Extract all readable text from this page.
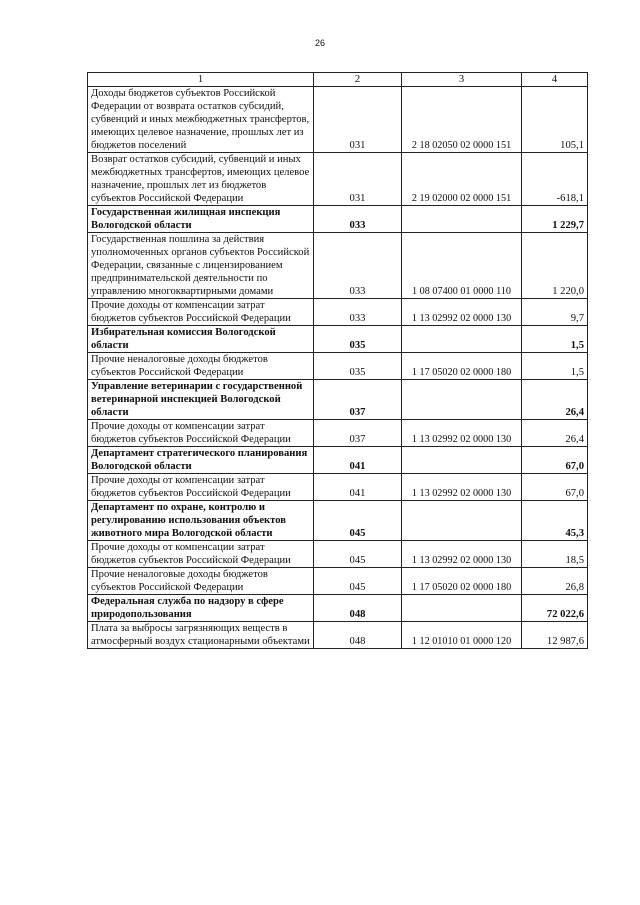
26
1	2	3	4
Доходы бюджетов субъектов Российской Федерации от возврата остатков субсидий, субвенций и иных межбюджетных трансфертов, имеющих целевое назначение, прошлых лет из бюджетов поселений	031	2 18 02050 02 0000 151	105,1
Возврат остатков субсидий, субвенций и иных межбюджетных трансфертов, имеющих целевое назначение, прошлых лет из бюджетов субъектов Российской Федерации	031	2 19 02000 02 0000 151	-618,1
Государственная жилищная инспекция Вологодской области	033		1 229,7
Государственная пошлина за действия уполномоченных органов субъектов Российской Федерации, связанные с лицензированием предпринимательской деятельности по управлению многоквартирными домами	033	1 08 07400 01 0000 110	1 220,0
Прочие доходы от компенсации затрат бюджетов субъектов Российской Федерации	033	1 13 02992 02 0000 130	9,7
Избирательная комиссия Вологодской области	035		1,5
Прочие неналоговые доходы бюджетов субъектов Российской Федерации	035	1 17 05020 02 0000 180	1,5
Управление ветеринарии с государственной ветеринарной инспекцией Вологодской области	037		26,4
Прочие доходы от компенсации затрат бюджетов субъектов Российской Федерации	037	1 13 02992 02 0000 130	26,4
Департамент стратегического планирования Вологодской области	041		67,0
Прочие доходы от компенсации затрат бюджетов субъектов Российской Федерации	041	1 13 02992 02 0000 130	67,0
Департамент по охране, контролю и регулированию использования объектов животного мира Вологодской области	045		45,3
Прочие доходы от компенсации затрат бюджетов субъектов Российской Федерации	045	1 13 02992 02 0000 130	18,5
Прочие неналоговые доходы бюджетов субъектов Российской Федерации	045	1 17 05020 02 0000 180	26,8
Федеральная служба по надзору в сфере природопользования	048		72 022,6
Плата за выбросы загрязняющих веществ в атмосферный воздух стационарными объектами	048	1 12 01010 01 0000 120	12 987,6
